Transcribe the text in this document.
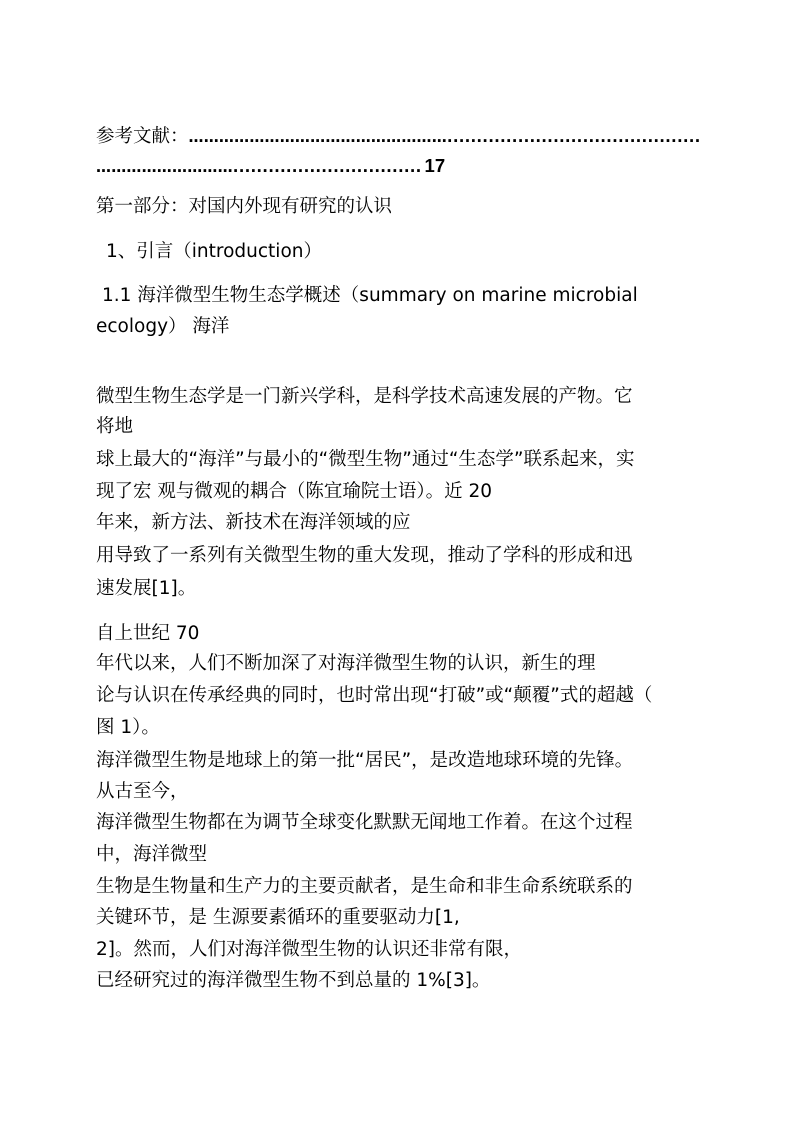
参考文献：……………………………………………...........................................
………………………................................ 17
第一部分：对国内外现有研究的认识
1、引言（introduction）
1.1 海洋微型生物生态学概述（summary on marine microbial
ecology） 海洋
微型生物生态学是一门新兴学科，是科学技术高速发展的产物。它
将地
球上最大的“海洋”与最小的“微型生物”通过“生态学”联系起来，实
现了宏 观与微观的耦合（陈宜瑜院士语）。近 20
年来，新方法、新技术在海洋领域的应
用导致了一系列有关微型生物的重大发现，推动了学科的形成和迅
速发展[1]。
自上世纪 70
年代以来，人们不断加深了对海洋微型生物的认识，新生的理
论与认识在传承经典的同时，也时常出现“打破”或“颠覆”式的超越（
图 1）。
海洋微型生物是地球上的第一批“居民”，是改造地球环境的先锋。
从古至今，
海洋微型生物都在为调节全球变化默默无闻地工作着。在这个过程
中，海洋微型
生物是生物量和生产力的主要贡献者，是生命和非生命系统联系的
关键环节，是 生源要素循环的重要驱动力[1,
2]。然而，人们对海洋微型生物的认识还非常有限，
已经研究过的海洋微型生物不到总量的 1%[3]。
